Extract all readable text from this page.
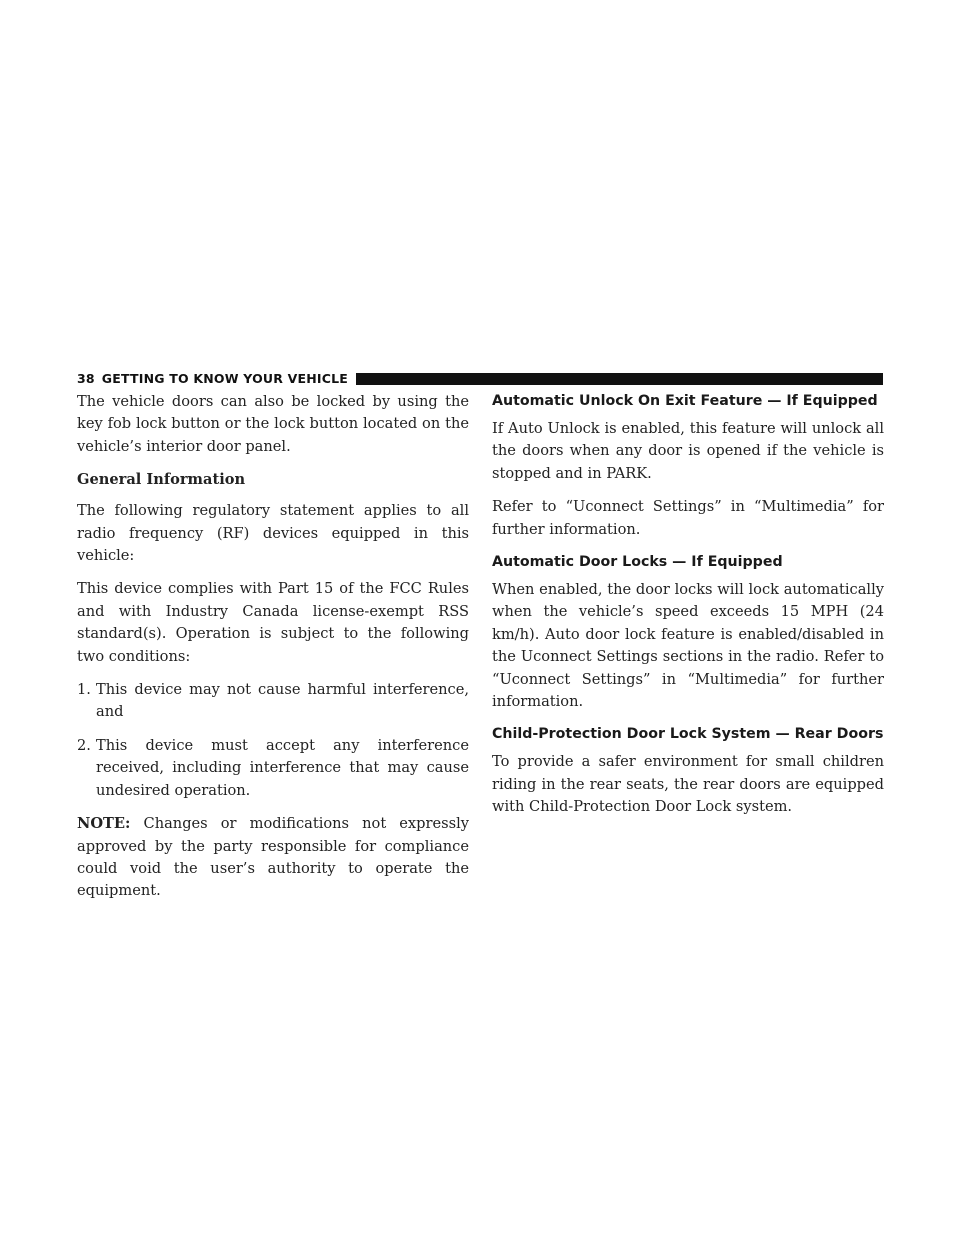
38 GETTING TO KNOW YOUR VEHICLE

The vehicle doors can also be locked by using the key fob lock button or the lock button located on the vehicle’s interior door panel.

General Information

The following regulatory statement applies to all radio frequency (RF) devices equipped in this vehicle:

This device complies with Part 15 of the FCC Rules and with Industry Canada license-exempt RSS standard(s). Operation is subject to the following two conditions:

1. This device may not cause harmful interference, and
2. This device must accept any interference received, including interference that may cause undesired operation.

NOTE: Changes or modifications not expressly approved by the party responsible for compliance could void the user’s authority to operate the equipment.

Automatic Unlock On Exit Feature — If Equipped

If Auto Unlock is enabled, this feature will unlock all the doors when any door is opened if the vehicle is stopped and in PARK.

Refer to “Uconnect Settings” in “Multimedia” for further information.

Automatic Door Locks — If Equipped

When enabled, the door locks will lock automatically when the vehicle’s speed exceeds 15 MPH (24 km/h). Auto door lock feature is enabled/disabled in the Uconnect Settings sections in the radio. Refer to “Uconnect Settings” in “Multimedia” for further information.

Child-Protection Door Lock System — Rear Doors

To provide a safer environment for small children riding in the rear seats, the rear doors are equipped with Child-Protection Door Lock system.
